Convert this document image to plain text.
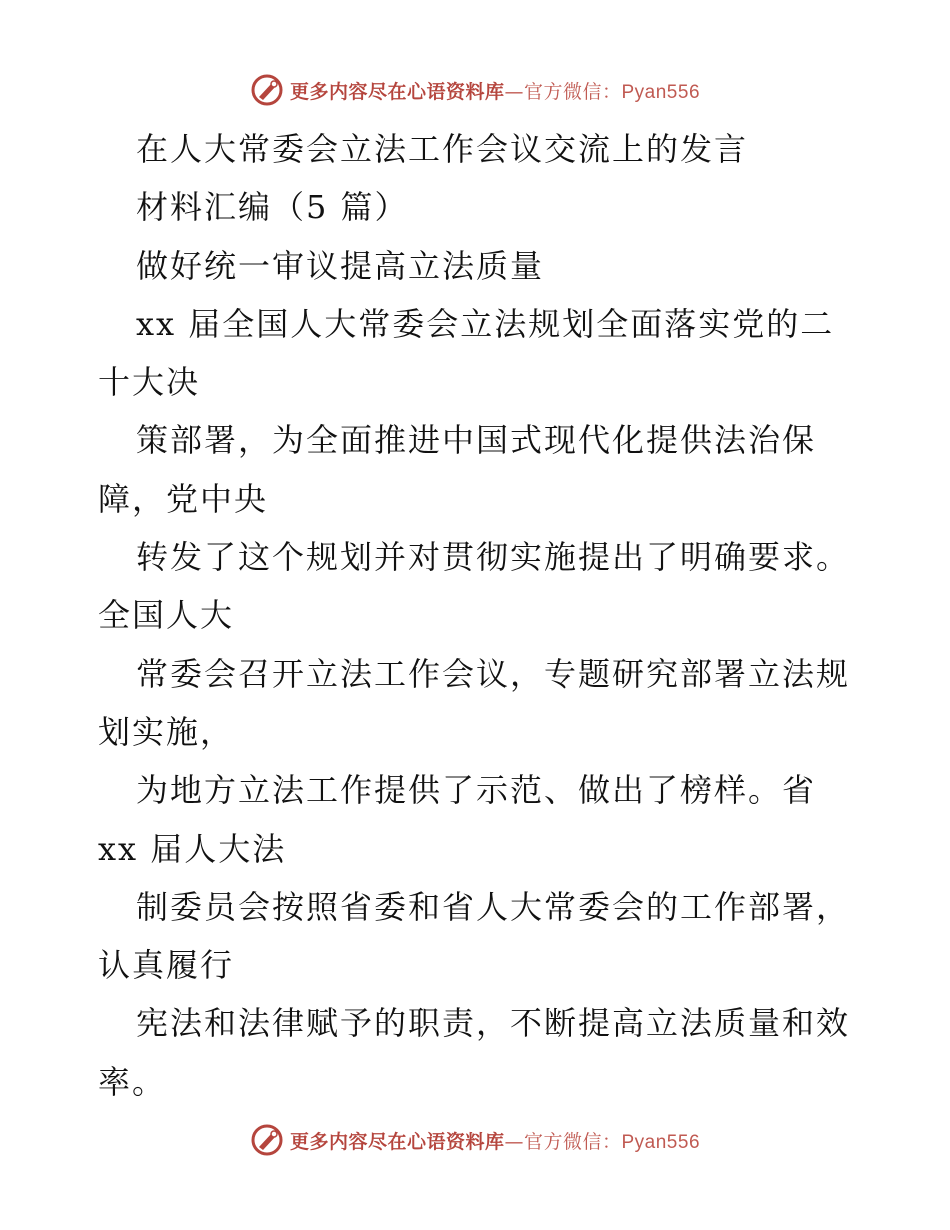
更多内容尽在心语资料库—官方微信：Pyan556
在人大常委会立法工作会议交流上的发言
材料汇编（5 篇）
做好统一审议提高立法质量
xx 届全国人大常委会立法规划全面落实党的二
十大决
策部署，为全面推进中国式现代化提供法治保
障，党中央
转发了这个规划并对贯彻实施提出了明确要求。
全国人大
常委会召开立法工作会议，专题研究部署立法规
划实施，
为地方立法工作提供了示范、做出了榜样。省
xx 届人大法
制委员会按照省委和省人大常委会的工作部署，
认真履行
宪法和法律赋予的职责，不断提高立法质量和效
率。
更多内容尽在心语资料库—官方微信：Pyan556
